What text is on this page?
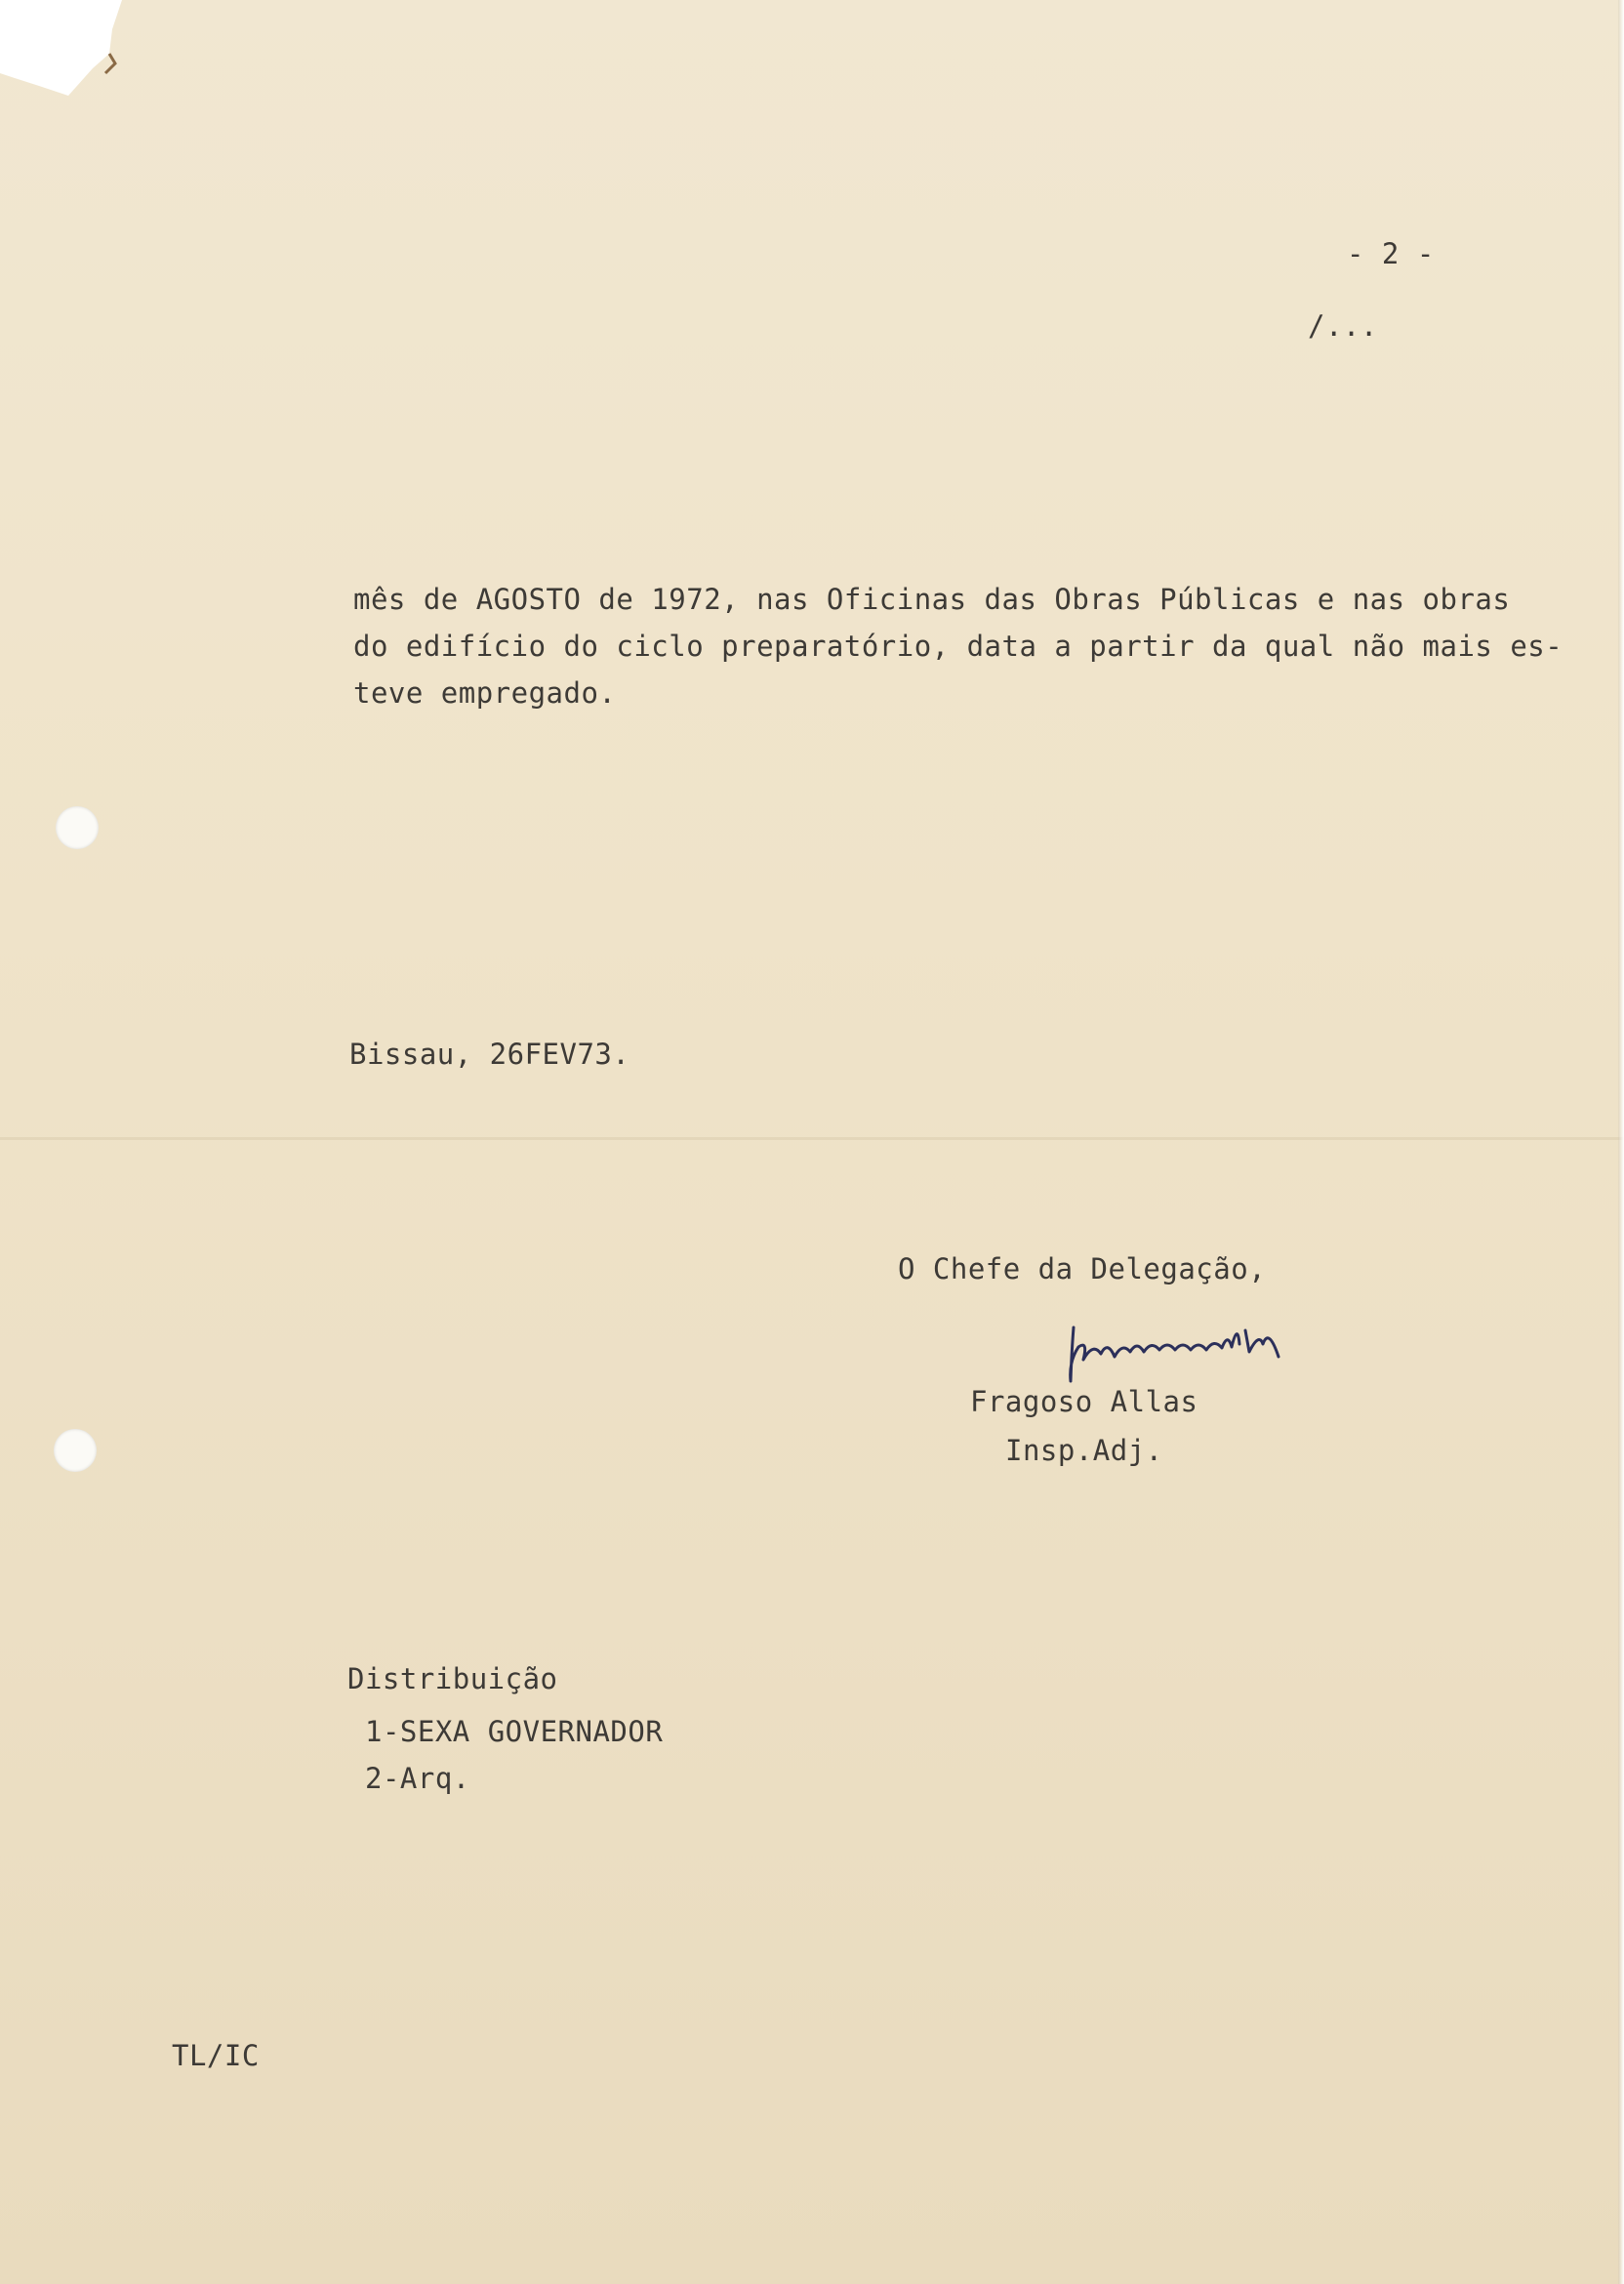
- 2 -
/...
mês de AGOSTO de 1972, nas Oficinas das Obras Públicas e nas obras
do edifício do ciclo preparatório, data a partir da qual não mais es-
teve empregado.
Bissau, 26FEV73.
O Chefe da Delegação,
Fragoso Allas
Insp.Adj.
Distribuição
1-SEXA GOVERNADOR
2-Arq.
TL/IC
